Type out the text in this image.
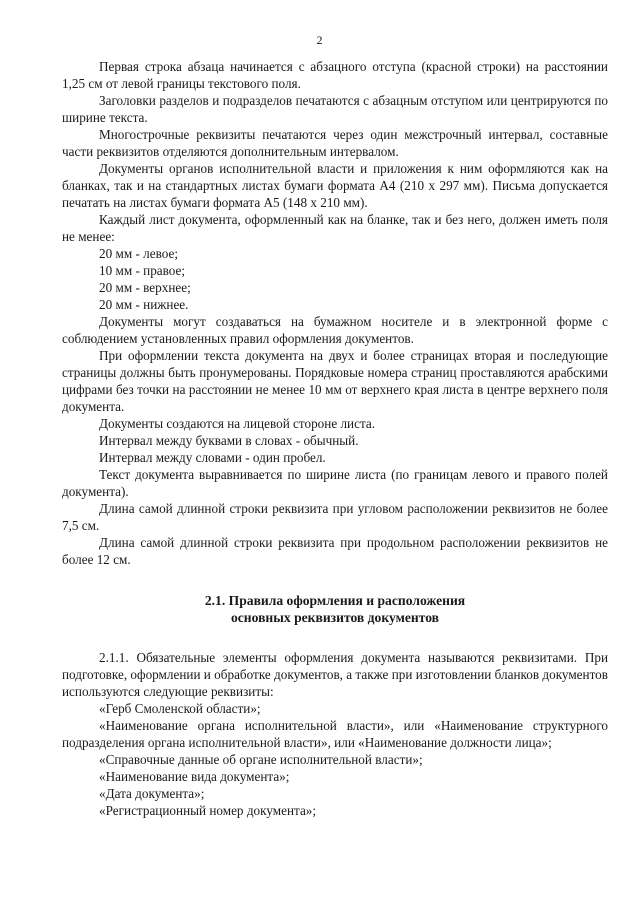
2

Первая строка абзаца начинается с абзацного отступа (красной строки) на расстоянии 1,25 см от левой границы текстового поля.

Заголовки разделов и подразделов печатаются с абзацным отступом или центрируются по ширине текста.

Многострочные реквизиты печатаются через один межстрочный интервал, составные части реквизитов отделяются дополнительным интервалом.

Документы органов исполнительной власти и приложения к ним оформляются как на бланках, так и на стандартных листах бумаги формата А4 (210 х 297 мм). Письма допускается печатать на листах бумаги формата А5 (148 х 210 мм).

Каждый лист документа, оформленный как на бланке, так и без него, должен иметь поля не менее:

20 мм - левое;

10 мм - правое;

20 мм - верхнее;

20 мм - нижнее.

Документы могут создаваться на бумажном носителе и в электронной форме с соблюдением установленных правил оформления документов.

При оформлении текста документа на двух и более страницах вторая и последующие страницы должны быть пронумерованы. Порядковые номера страниц проставляются арабскими цифрами без точки на расстоянии не менее 10 мм от верхнего края листа в центре верхнего поля документа.

Документы создаются на лицевой стороне листа.

Интервал между буквами в словах - обычный.

Интервал между словами - один пробел.

Текст документа выравнивается по ширине листа (по границам левого и правого полей документа).

Длина самой длинной строки реквизита при угловом расположении реквизитов не более 7,5 см.

Длина самой длинной строки реквизита при продольном расположении реквизитов не более 12 см.

2.1. Правила оформления и расположения

основных реквизитов документов

2.1.1. Обязательные элементы оформления документа называются реквизитами. При подготовке, оформлении и обработке документов, а также при изготовлении бланков документов используются следующие реквизиты:

«Герб Смоленской области»;

«Наименование органа исполнительной власти», или «Наименование структурного подразделения органа исполнительной власти», или «Наименование должности лица»;

«Справочные данные об органе исполнительной власти»;

«Наименование вида документа»;

«Дата документа»;

«Регистрационный номер документа»;
